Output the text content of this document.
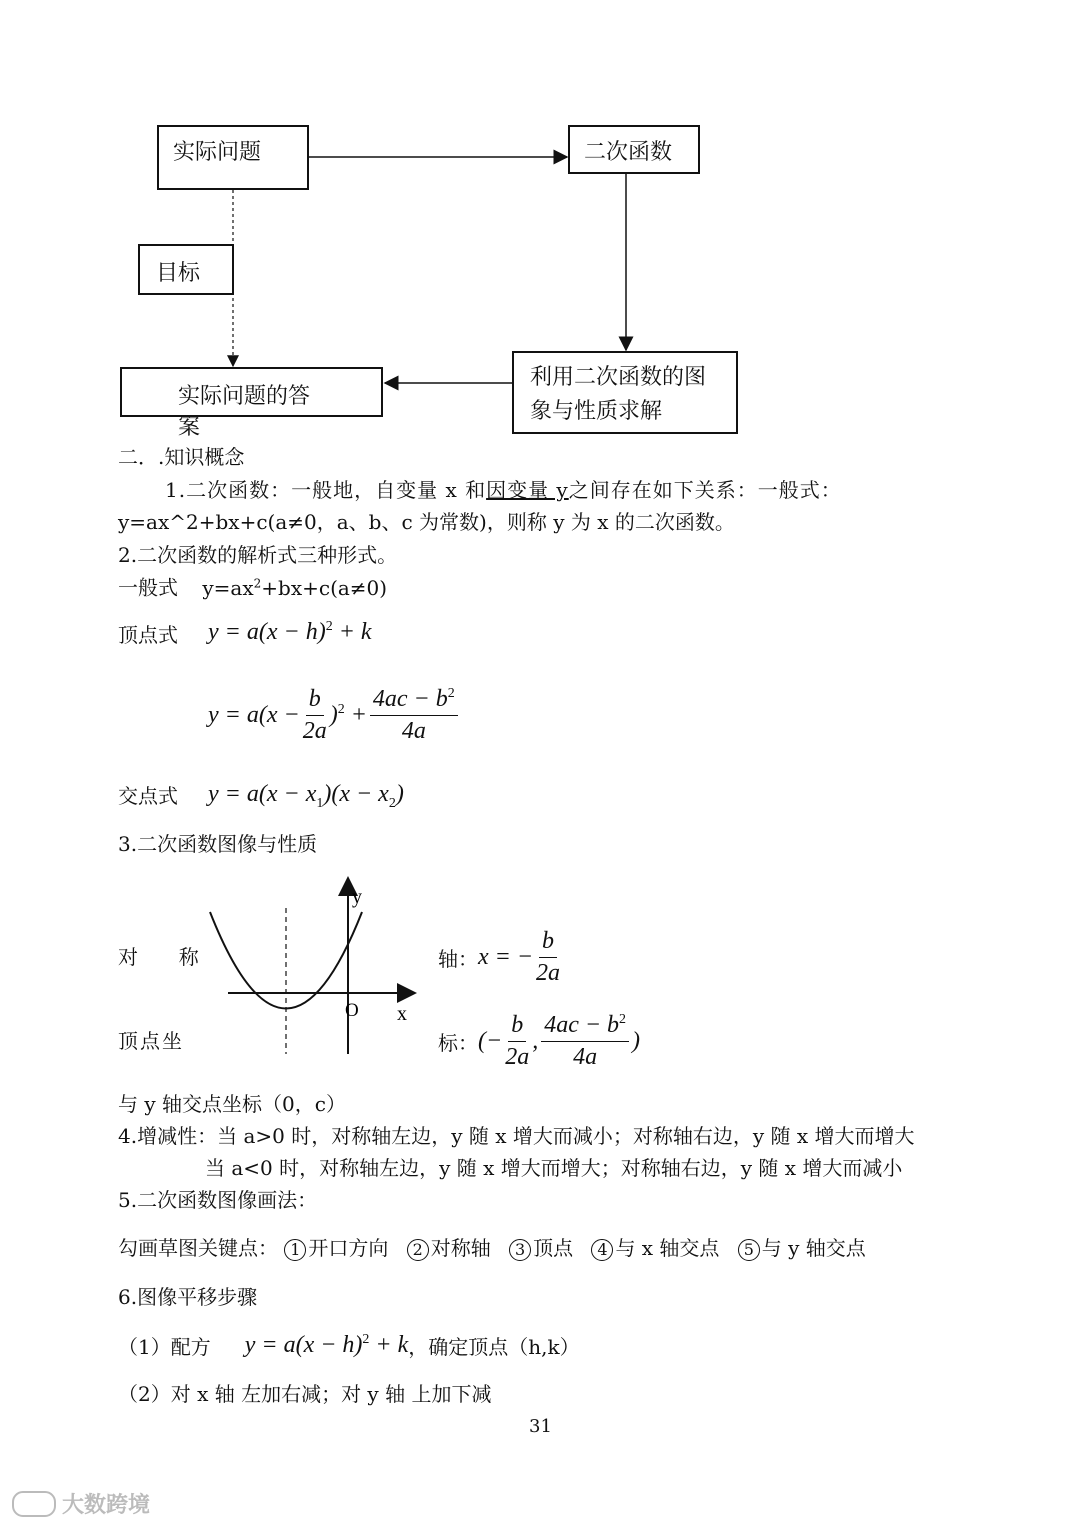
实际问题	二次函数
目标
实际问题的答案
利用二次函数的图
象与性质求解
二．.知识概念
1.二次函数：一般地，自变量 x 和因变量 y之间存在如下关系：一般式：
y=ax^2+bx+c(a≠0，a、b、c 为常数)，则称 y 为 x 的二次函数。
2.二次函数的解析式三种形式。
一般式 $y=ax^2+bx+c(a\ne 0)$
顶点式 $y = a(x - h)^2 + k$
$y = a(x - \frac{b}{2a} )^2 + \frac{4ac - b^2}{4a}$
交点式 $y = a(x - x_1)(x - x_2)$
3.二次函数图像与性质
y
O x
对 　 称	轴： x = − $\frac{b}{2a}$
顶点坐	标： (− $\frac{b}{2a}$ , $\frac{4ac - b^2}{4a}$ )
与 y 轴交点坐标（0，c）
4.增减性：当 a>0 时，对称轴左边，y 随 x 增大而减小；对称轴右边，y 随 x 增大而增大
当 a<0 时，对称轴左边，y 随 x 增大而增大；对称轴右边，y 随 x 增大而减小
5.二次函数图像画法：
勾画草图关键点： 1 开口方向 2 对称轴 3 顶点 4 与 x 轴交点 5 与 y 轴交点
6.图像平移步骤
（1）配方 $y = a(x - h)^2 + k$ ，确定顶点（h,k）
（2）对 x 轴 左加右减；对 y 轴 上加下减
31
大数跨境
